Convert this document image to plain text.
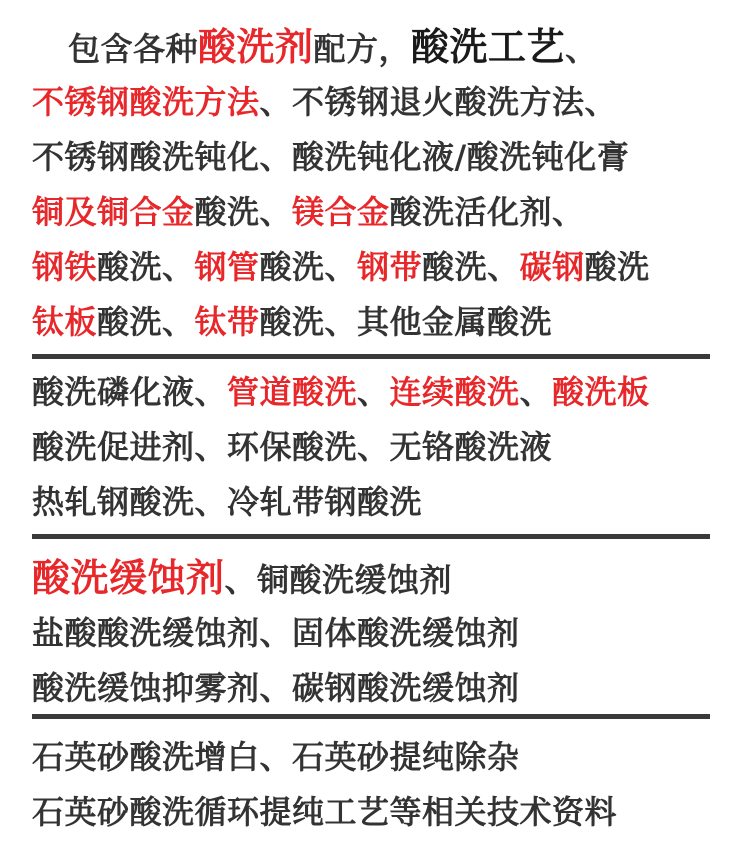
包含各种酸洗剂配方，酸洗工艺、
不锈钢酸洗方法、不锈钢退火酸洗方法、
不锈钢酸洗钝化、酸洗钝化液/酸洗钝化膏
铜及铜合金酸洗、镁合金酸洗活化剂、
钢铁酸洗、钢管酸洗、钢带酸洗、碳钢酸洗
钛板酸洗、钛带酸洗、其他金属酸洗
酸洗磷化液、管道酸洗、连续酸洗、酸洗板
酸洗促进剂、环保酸洗、无铬酸洗液
热轧钢酸洗、冷轧带钢酸洗
酸洗缓蚀剂、铜酸洗缓蚀剂
盐酸酸洗缓蚀剂、固体酸洗缓蚀剂
酸洗缓蚀抑雾剂、碳钢酸洗缓蚀剂
石英砂酸洗增白、石英砂提纯除杂
石英砂酸洗循环提纯工艺等相关技术资料
